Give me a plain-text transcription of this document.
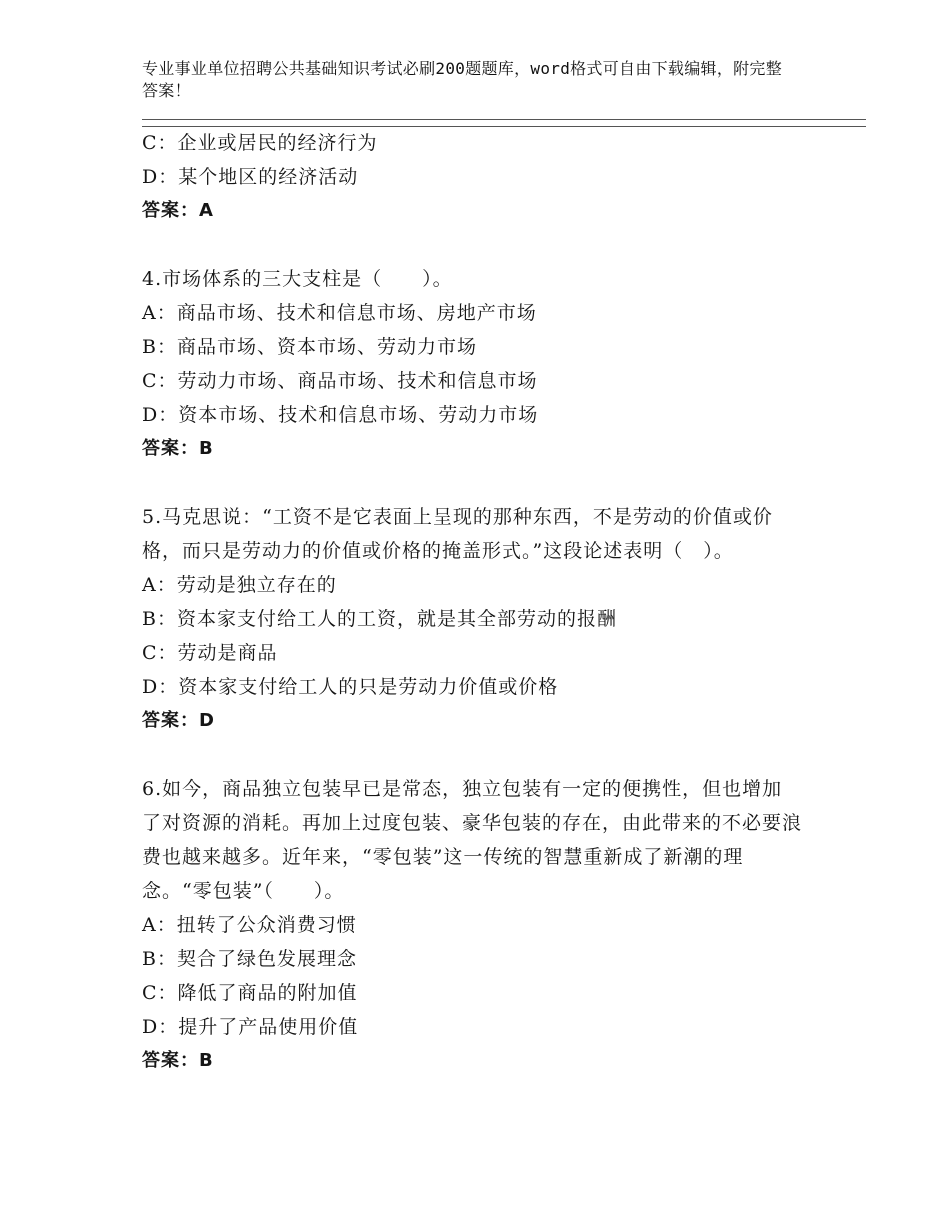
专业事业单位招聘公共基础知识考试必刷200题题库，word格式可自由下载编辑，附完整答案！

C：企业或居民的经济行为

D：某个地区的经济活动

答案：A

4.市场体系的三大支柱是（　　）。

A：商品市场、技术和信息市场、房地产市场

B：商品市场、资本市场、劳动力市场

C：劳动力市场、商品市场、技术和信息市场

D：资本市场、技术和信息市场、劳动力市场

答案：B

5.马克思说：“工资不是它表面上呈现的那种东西，不是劳动的价值或价格，而只是劳动力的价值或价格的掩盖形式。”这段论述表明（　）。

A：劳动是独立存在的

B：资本家支付给工人的工资，就是其全部劳动的报酬

C：劳动是商品

D：资本家支付给工人的只是劳动力价值或价格

答案：D

6.如今，商品独立包装早已是常态，独立包装有一定的便携性，但也增加了对资源的消耗。再加上过度包装、豪华包装的存在，由此带来的不必要浪费也越来越多。近年来，“零包装”这一传统的智慧重新成了新潮的理念。“零包装”（　　）。

A：扭转了公众消费习惯

B：契合了绿色发展理念

C：降低了商品的附加值

D：提升了产品使用价值

答案：B
